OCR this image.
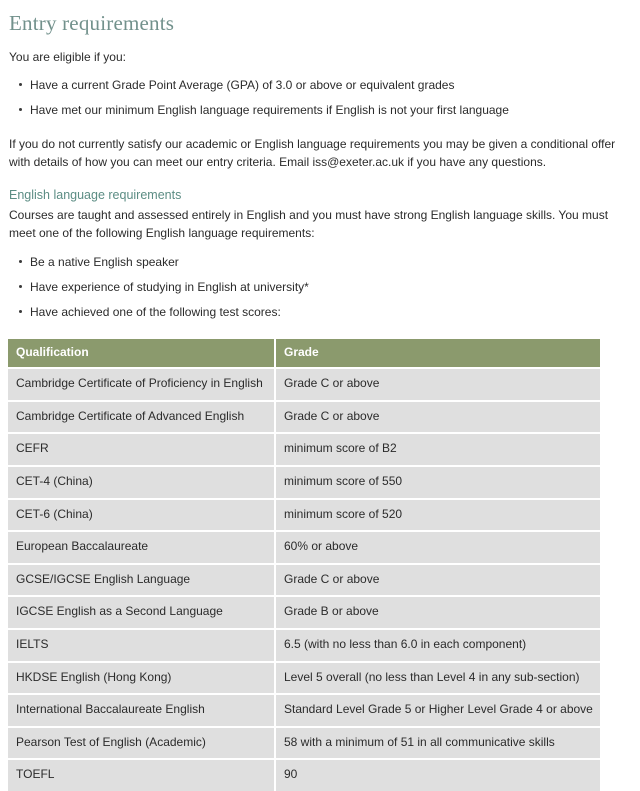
Entry requirements
You are eligible if you:
Have a current Grade Point Average (GPA) of 3.0 or above or equivalent grades
Have met our minimum English language requirements if English is not your first language

If you do not currently satisfy our academic or English language requirements you may be given a conditional offer with details of how you can meet our entry criteria. Email iss@exeter.ac.uk if you have any questions.

English language requirements

Courses are taught and assessed entirely in English and you must have strong English language skills. You must meet one of the following English language requirements:

Be a native English speaker
Have experience of studying in English at university*
Have achieved one of the following test scores:
Qualification	Grade
Cambridge Certificate of Proficiency in English	Grade C or above
Cambridge Certificate of Advanced English	Grade C or above
CEFR	minimum score of B2
CET-4 (China)	minimum score of 550
CET-6 (China)	minimum score of 520
European Baccalaureate	60% or above
GCSE/IGCSE English Language	Grade C or above
IGCSE English as a Second Language	Grade B or above
IELTS	6.5 (with no less than 6.0 in each component)
HKDSE English (Hong Kong)	Level 5 overall (no less than Level 4 in any sub-section)
International Baccalaureate English	Standard Level Grade 5 or Higher Level Grade 4 or above
Pearson Test of English (Academic)	58 with a minimum of 51 in all communicative skills
TOEFL	90
